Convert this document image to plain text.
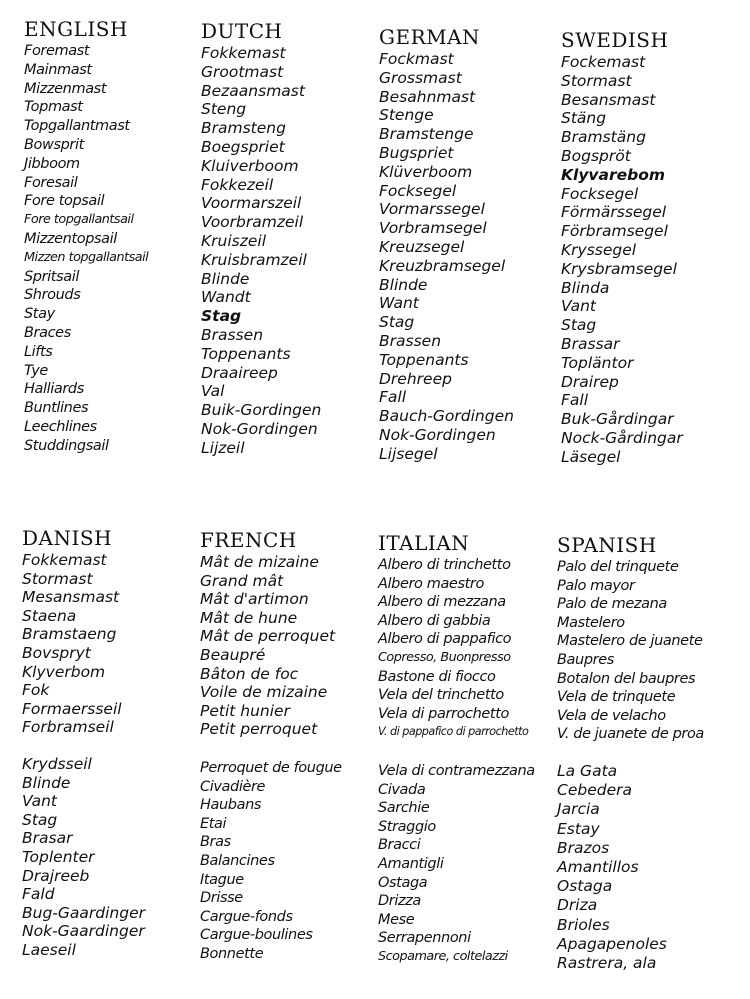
ENGLISH
Foremast
Mainmast
Mizzenmast
Topmast
Topgallantmast
Bowsprit
Jibboom
Foresail
Fore topsail
Fore topgallantsail
Mizzentopsail
Mizzen topgallantsail
Spritsail
Shrouds
Stay
Braces
Lifts
Tye
Halliards
Buntlines
Leechlines
Studdingsail
DUTCH
Fokkemast
Grootmast
Bezaansmast
Steng
Bramsteng
Boegspriet
Kluiverboom
Fokkezeil
Voormarszeil
Voorbramzeil
Kruiszeil
Kruisbramzeil
Blinde
Wandt
Stag
Brassen
Toppenants
Draaireep
Val
Buik-Gordingen
Nok-Gordingen
Lijzeil
GERMAN
Fockmast
Grossmast
Besahnmast
Stenge
Bramstenge
Bugspriet
Klüverboom
Focksegel
Vormarssegel
Vorbramsegel
Kreuzsegel
Kreuzbramsegel
Blinde
Want
Stag
Brassen
Toppenants
Drehreep
Fall
Bauch-Gordingen
Nok-Gordingen
Lijsegel
SWEDISH
Fockemast
Stormast
Besansmast
Stäng
Bramstäng
Bogspröt
Klyvarebom
Focksegel
Förmärssegel
Förbramsegel
Kryssegel
Krysbramsegel
Blinda
Vant
Stag
Brassar
Topläntor
Drairep
Fall
Buk-Gårdingar
Nock-Gårdingar
Läsegel
DANISH
Fokkemast
Stormast
Mesansmast
Staena
Bramstaeng
Bovspryt
Klyverbom
Fok
Formaersseil
Forbramseil
Krydsseil
Blinde
Vant
Stag
Brasar
Toplenter
Drajreeb
Fald
Bug-Gaardinger
Nok-Gaardinger
Laeseil
FRENCH
Mât de mizaine
Grand mât
Mât d'artimon
Mât de hune
Mât de perroquet
Beaupré
Bâton de foc
Voile de mizaine
Petit hunier
Petit perroquet
Perroquet de fougue
Civadière
Haubans
Etai
Bras
Balancines
Itague
Drisse
Cargue-fonds
Cargue-boulines
Bonnette
ITALIAN
Albero di trinchetto
Albero maestro
Albero di mezzana
Albero di gabbia
Albero di pappafico
Copresso, Buonpresso
Bastone di fiocco
Vela del trinchetto
Vela di parrochetto
V. di pappafico di parrochetto
Vela di contramezzana
Civada
Sarchie
Straggio
Bracci
Amantigli
Ostaga
Drizza
Mese
Serrapennoni
Scopamare, coltelazzi
SPANISH
Palo del trinquete
Palo mayor
Palo de mezana
Mastelero
Mastelero de juanete
Baupres
Botalon del baupres
Vela de trinquete
Vela de velacho
V. de juanete de proa
La Gata
Cebedera
Jarcia
Estay
Brazos
Amantillos
Ostaga
Driza
Brioles
Apagapenoles
Rastrera, ala
